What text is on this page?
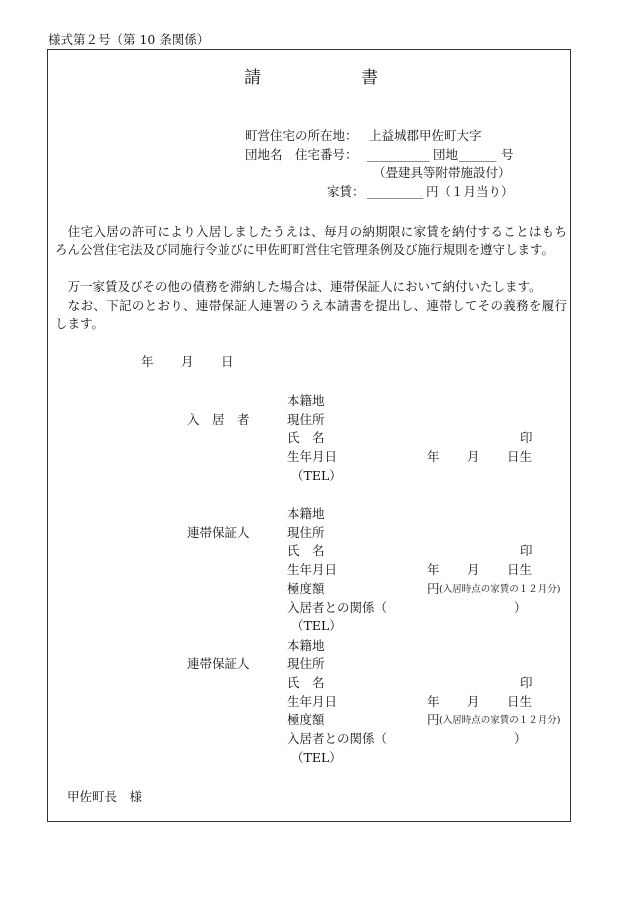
様式第２号（第 10 条関係）
請	書
町営住宅の所在地： 上益城郡甲佐町大字
団地名　住宅番号： __________ 団地 ______ 号
（畳建具等附帯施設付）
家賃： _________ 円（１月当り）
　住宅入居の許可により入居しましたうえは、毎月の納期限に家賃を納付することはもちろん公営住宅法及び同施行令並びに甲佐町町営住宅管理条例及び施行規則を遵守します。
　万一家賃及びその他の債務を滞納した場合は、連帯保証人において納付いたします。
　なお、下記のとおり、連帯保証人連署のうえ本請書を提出し、連帯してその義務を履行します。
年 月 日
本籍地
入　居　者	現住所
氏　名	印
生年月日	年 月 日生
（TEL）
本籍地
連帯保証人	現住所
氏　名	印
生年月日	年 月 日生
極度額	円 (入居時点の家賃の１２月分)
入居者との関係（	）
（TEL）
本籍地
連帯保証人	現住所
氏　名	印
生年月日	年 月 日生
極度額	円 (入居時点の家賃の１２月分)
入居者との関係（	）
（TEL）
甲佐町長　様
